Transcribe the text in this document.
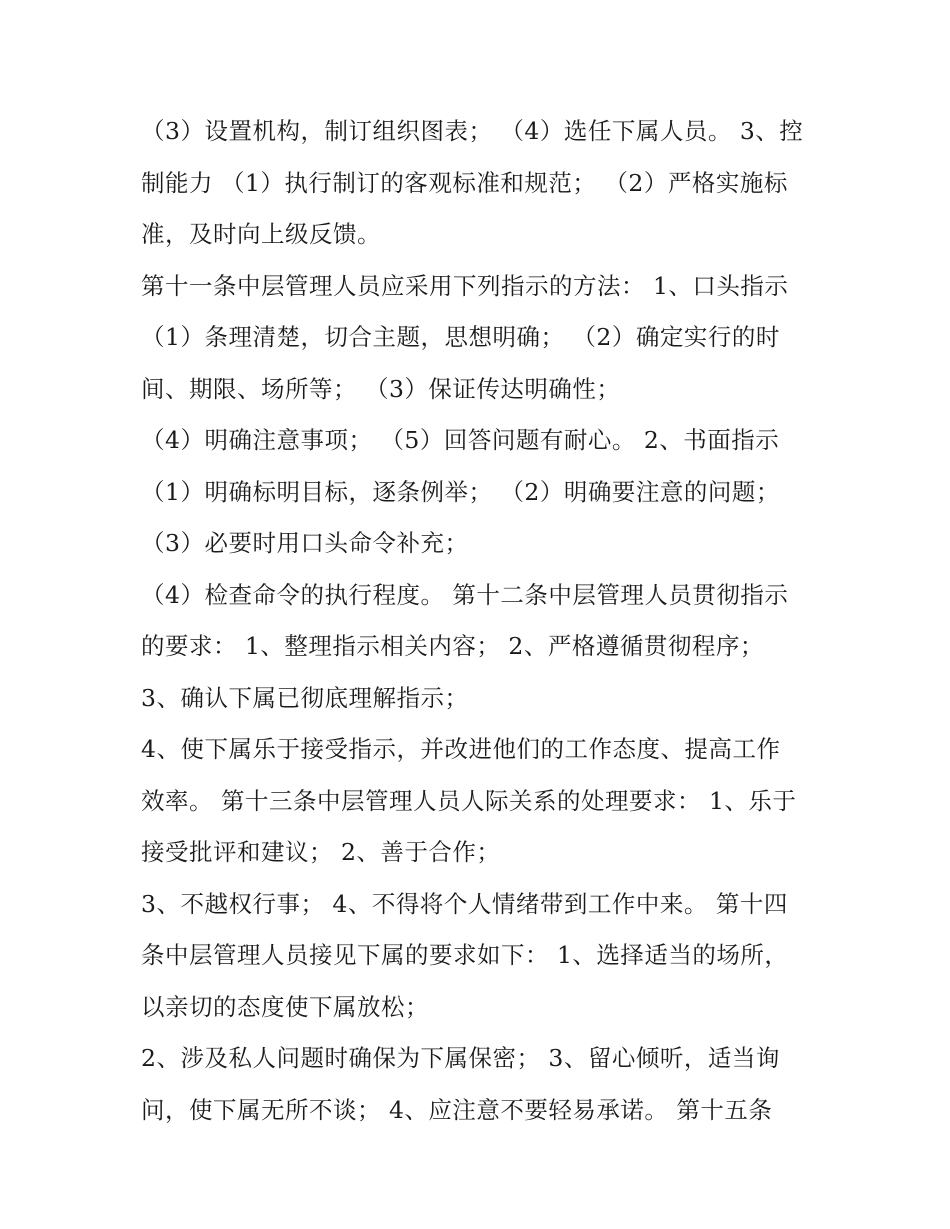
（3）设置机构，制订组织图表； （4）选任下属人员。 3、控
制能力 （1）执行制订的客观标准和规范； （2）严格实施标
准，及时向上级反馈。
第十一条中层管理人员应采用下列指示的方法： 1、口头指示
（1）条理清楚，切合主题，思想明确； （2）确定实行的时
间、期限、场所等； （3）保证传达明确性；
（4）明确注意事项； （5）回答问题有耐心。 2、书面指示
（1）明确标明目标，逐条例举； （2）明确要注意的问题；
（3）必要时用口头命令补充；
（4）检查命令的执行程度。 第十二条中层管理人员贯彻指示
的要求： 1、整理指示相关内容； 2、严格遵循贯彻程序；
3、确认下属已彻底理解指示；
4、使下属乐于接受指示，并改进他们的工作态度、提高工作
效率。 第十三条中层管理人员人际关系的处理要求： 1、乐于
接受批评和建议； 2、善于合作；
3、不越权行事； 4、不得将个人情绪带到工作中来。 第十四
条中层管理人员接见下属的要求如下： 1、选择适当的场所，
以亲切的态度使下属放松；
2、涉及私人问题时确保为下属保密； 3、留心倾听，适当询
问，使下属无所不谈； 4、应注意不要轻易承诺。 第十五条
